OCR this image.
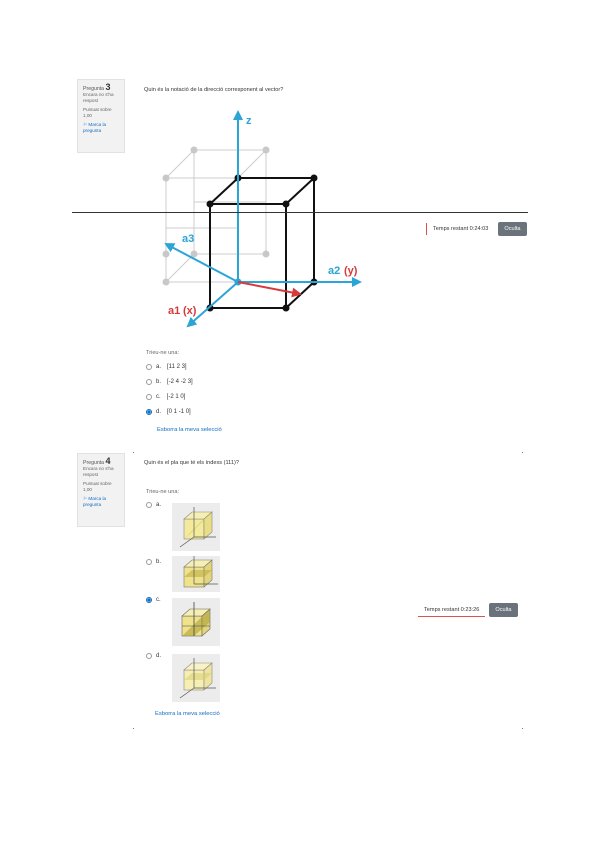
Pregunta 3
Encara no s'ha respost
Puntuat sobre 1,00
⚐ Marca la pregunta
Quin és la notació de la direcció corresponent al vector?
z
a3
a2 (y)
a1 (x)
Temps restant 0:24:03	Oculta
Trieu-ne una:
a. [11 2 3]
b. [-2 4 -2 3]
c. [-2 1 0]
d. [0 1 -1 0]
Esborra la meva selecció
Pregunta 4
Encara no s'ha respost
Puntuat sobre 1,00
⚐ Marca la pregunta
Quin és el pla que té els índexs (111)?
Trieu-ne una:
a.
b.
c.
d.
Esborra la meva selecció
Temps restant 0:23:26	Oculta
